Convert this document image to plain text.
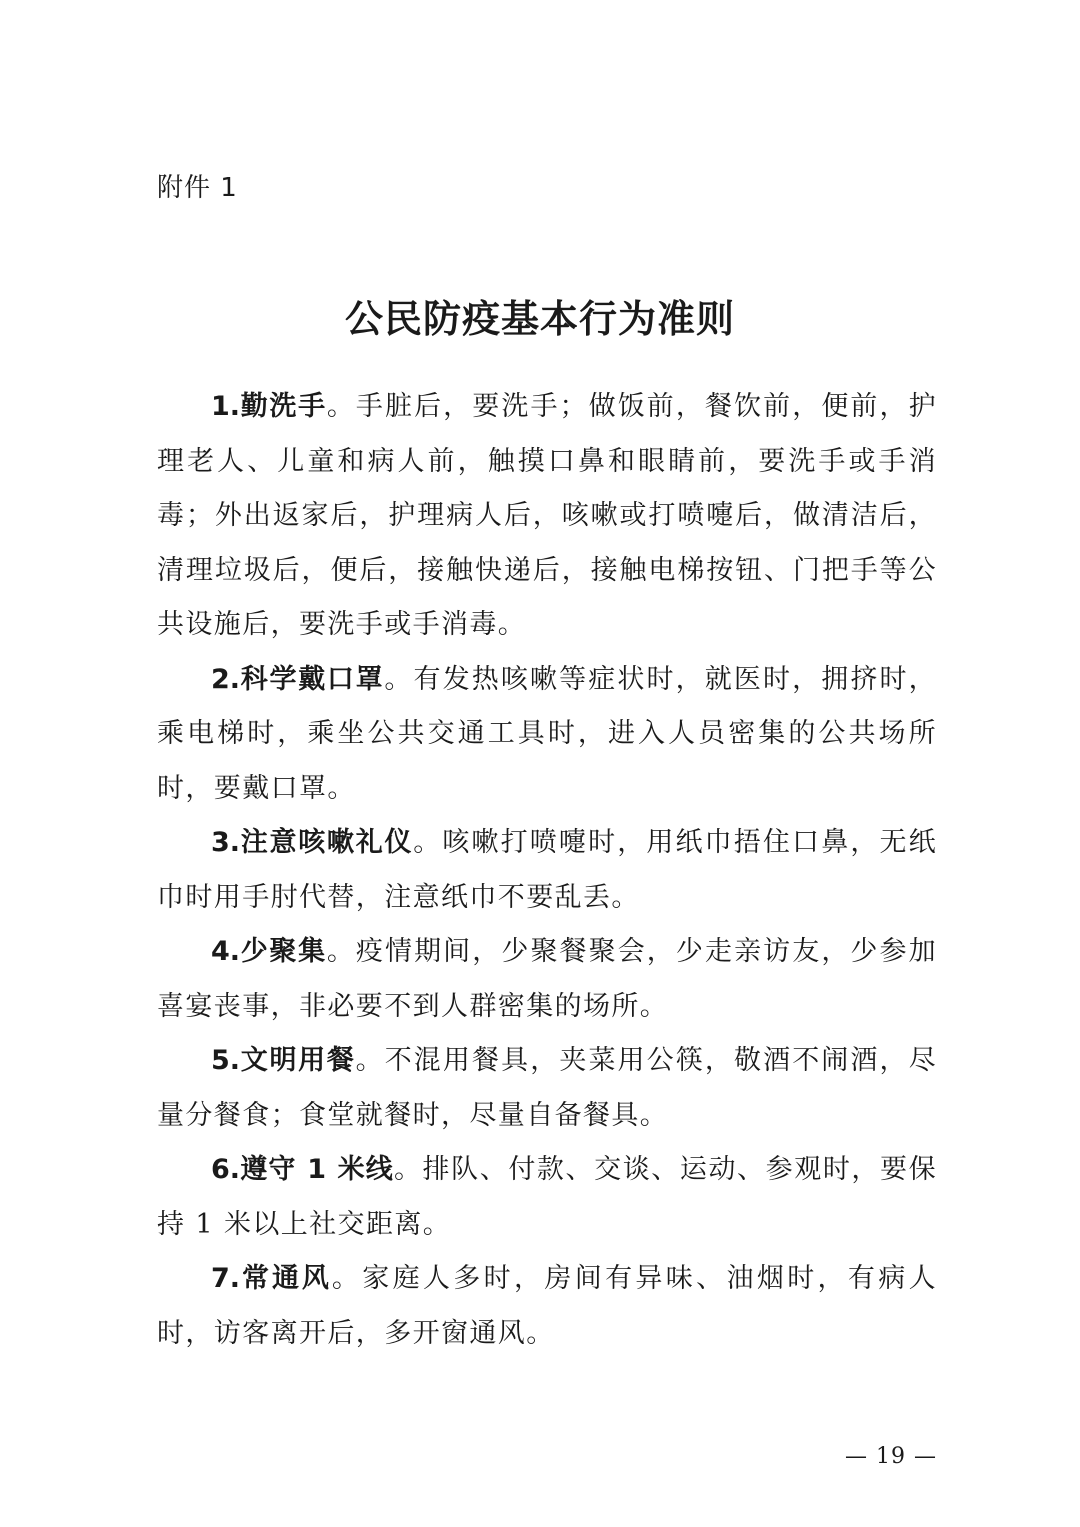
附件 1
公民防疫基本行为准则

1.勤洗手。手脏后，要洗手；做饭前，餐饮前，便前，护理老人、儿童和病人前，触摸口鼻和眼睛前，要洗手或手消毒；外出返家后，护理病人后，咳嗽或打喷嚏后，做清洁后，清理垃圾后，便后，接触快递后，接触电梯按钮、门把手等公共设施后，要洗手或手消毒。

2.科学戴口罩。有发热咳嗽等症状时，就医时，拥挤时，乘电梯时，乘坐公共交通工具时，进入人员密集的公共场所时，要戴口罩。

3.注意咳嗽礼仪。咳嗽打喷嚏时，用纸巾捂住口鼻，无纸巾时用手肘代替，注意纸巾不要乱丢。

4.少聚集。疫情期间，少聚餐聚会，少走亲访友，少参加喜宴丧事，非必要不到人群密集的场所。

5.文明用餐。不混用餐具，夹菜用公筷，敬酒不闹酒，尽量分餐食；食堂就餐时，尽量自备餐具。

6.遵守 1 米线。排队、付款、交谈、运动、参观时，要保持 1 米以上社交距离。

7.常通风。家庭人多时，房间有异味、油烟时，有病人时，访客离开后，多开窗通风。

— 19 —
